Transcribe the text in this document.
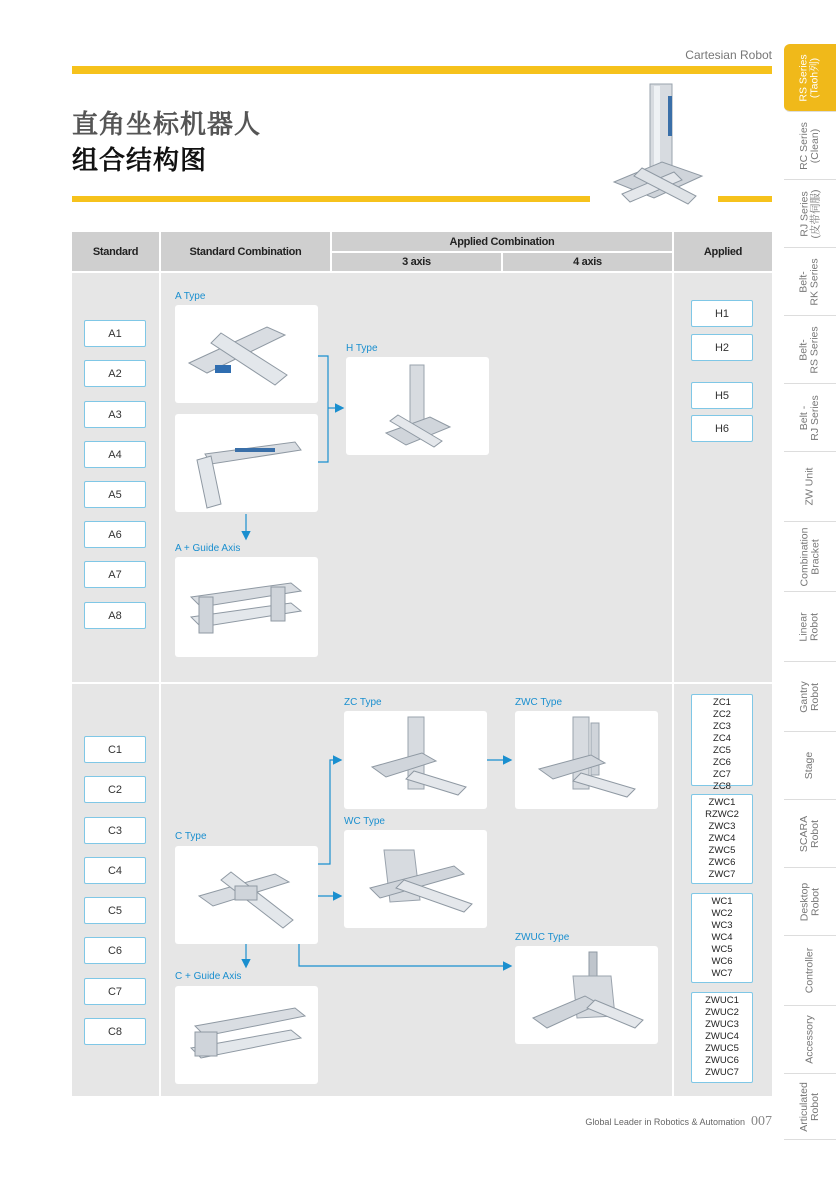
Cartesian Robot
直角坐标机器人
组合结构图
RS Series
(Taoh列)
RC Series
(Clean)
RJ Series
(皮带伺服)
Belt-
RK Series
Belt-
RS Series
Belt -
RJ Series
ZW Unit
Combination
Bracket
Linear
Robot
Gantry
Robot
Stage
SCARA
Robot
Desktop
Robot
Controller
Accessory
Articulated
Robot
Standard	Standard Combination
Applied Combination
3 axis	4 axis
Applied
A1
A2
A3
A4
A5
A6
A7
A8
H1
H2
H5
H6
A Type
A + Guide Axis
H Type
C1
C2
C3
C4
C5
C6
C7
C8
ZC1
ZC2
ZC3
ZC4
ZC5
ZC6
ZC7
ZC8
ZWC1
RZWC2
ZWC3
ZWC4
ZWC5
ZWC6
ZWC7
WC1
WC2
WC3
WC4
WC5
WC6
WC7
ZWUC1
ZWUC2
ZWUC3
ZWUC4
ZWUC5
ZWUC6
ZWUC7
C Type
C + Guide Axis
ZC Type	ZWC Type
WC Type
ZWUC Type
Global Leader in Robotics & Automation 007
